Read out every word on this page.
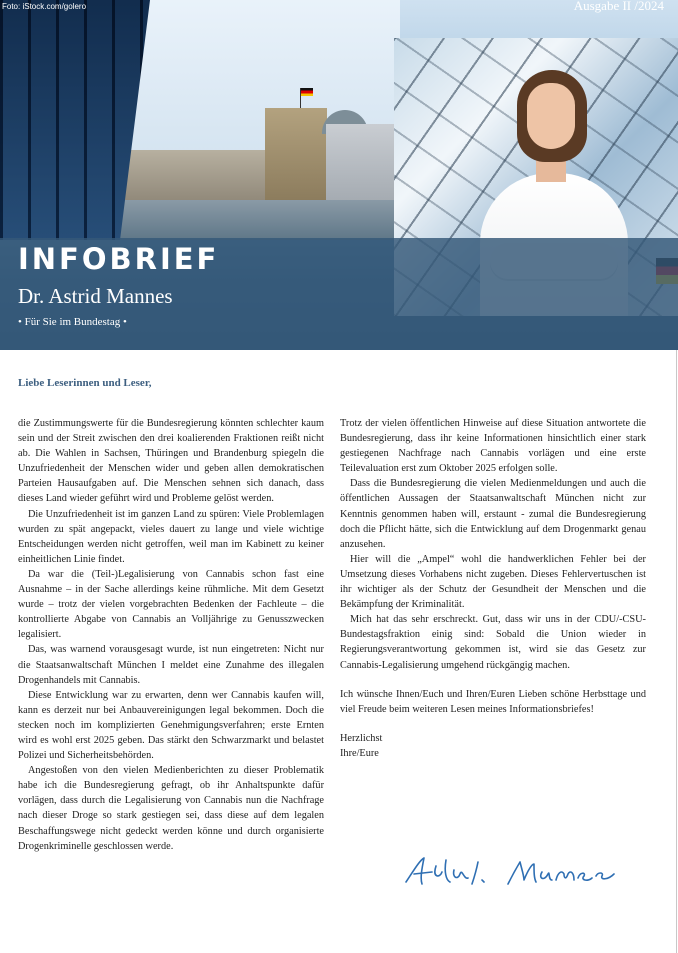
Foto: iStock.com/golero	Ausgabe II /2024
INFOBRIEF
Dr. Astrid Mannes
• Für Sie im Bundestag •
Liebe Leserinnen und Leser,

die Zustimmungswerte für die Bundesregierung könnten schlechter kaum sein und der Streit zwischen den drei koalierenden Fraktionen reißt nicht ab. Die Wahlen in Sachsen, Thüringen und Brandenburg spiegeln die Unzufriedenheit der Menschen wider und geben allen demokratischen Parteien Hausaufgaben auf. Die Menschen sehnen sich danach, dass dieses Land wieder geführt wird und Probleme gelöst werden.

Die Unzufriedenheit ist im ganzen Land zu spüren: Viele Problemlagen wurden zu spät angepackt, vieles dauert zu lange und viele wichtige Entscheidungen werden nicht getroffen, weil man im Kabinett zu keiner einheitlichen Linie findet.

Da war die (Teil-)Legalisierung von Cannabis schon fast eine Ausnahme – in der Sache allerdings keine rühmliche. Mit dem Gesetzt wurde – trotz der vielen vorgebrachten Bedenken der Fachleute – die kontrollierte Abgabe von Cannabis an Volljährige zu Genusszwecken legalisiert.

Das, was warnend vorausgesagt wurde, ist nun eingetreten: Nicht nur die Staatsanwaltschaft München I meldet eine Zunahme des illegalen Drogenhandels mit Cannabis.

Diese Entwicklung war zu erwarten, denn wer Cannabis kaufen will, kann es derzeit nur bei Anbauvereinigungen legal bekommen. Doch die stecken noch im komplizierten Genehmigungsverfahren; erste Ernten wird es wohl erst 2025 geben. Das stärkt den Schwarzmarkt und belastet Polizei und Sicherheitsbehörden.

Angestoßen von den vielen Medienberichten zu dieser Problematik habe ich die Bundesregierung gefragt, ob ihr Anhaltspunkte dafür vorlägen, dass durch die Legalisierung von Cannabis nun die Nachfrage nach dieser Droge so stark gestiegen sei, dass diese auf dem legalen Beschaffungswege nicht gedeckt werden könne und durch organisierte Drogenkriminelle geschlossen werde.

Trotz der vielen öffentlichen Hinweise auf diese Situation antwortete die Bundesregierung, dass ihr keine Informationen hinsichtlich einer stark gestiegenen Nachfrage nach Cannabis vorlägen und eine erste Teilevaluation erst zum Oktober 2025 erfolgen solle.

Dass die Bundesregierung die vielen Medienmeldungen und auch die öffentlichen Aussagen der Staatsanwaltschaft München nicht zur Kenntnis genommen haben will, erstaunt - zumal die Bundesregierung doch die Pflicht hätte, sich die Entwicklung auf dem Drogenmarkt genau anzusehen.

Hier will die „Ampel“ wohl die handwerklichen Fehler bei der Umsetzung dieses Vorhabens nicht zugeben. Dieses Fehlervertuschen ist ihr wichtiger als der Schutz der Gesundheit der Menschen und die Bekämpfung der Kriminalität.

Mich hat das sehr erschreckt. Gut, dass wir uns in der CDU/-CSU-Bundestagsfraktion einig sind: Sobald die Union wieder in Regierungsverantwortung gekommen ist, wird sie das Gesetz zur Cannabis-Legalisierung umgehend rückgängig machen.

Ich wünsche Ihnen/Euch und Ihren/Euren Lieben schöne Herbsttage und viel Freude beim weiteren Lesen meines Informationsbriefes!

Herzlichst

Ihre/Eure
